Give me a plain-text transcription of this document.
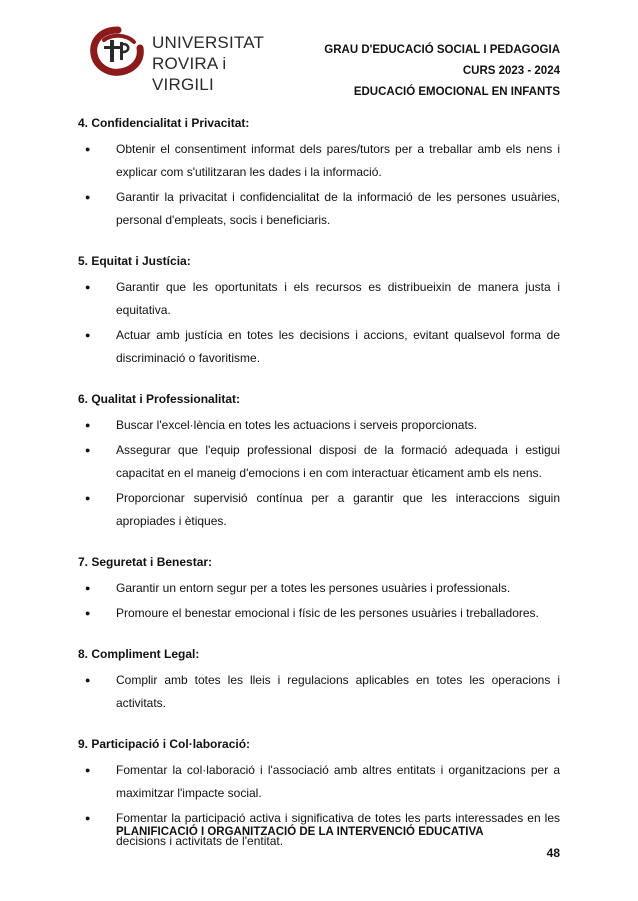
UNIVERSITAT
ROVIRA i VIRGILI
GRAU D'EDUCACIÓ SOCIAL I PEDAGOGIA
CURS 2023 - 2024
EDUCACIÓ EMOCIONAL EN INFANTS
4. Confidencialitat i Privacitat:
● Obtenir el consentiment informat dels pares/tutors per a treballar amb els nens i explicar com s'utilitzaran les dades i la informació.
● Garantir la privacitat i confidencialitat de la informació de les persones usuàries, personal d'empleats, socis i beneficiaris.
5. Equitat i Justícia:
● Garantir que les oportunitats i els recursos es distribueixin de manera justa i equitativa.
● Actuar amb justícia en totes les decisions i accions, evitant qualsevol forma de discriminació o favoritisme.
6. Qualitat i Professionalitat:
● Buscar l'excel·lència en totes les actuacions i serveis proporcionats.
● Assegurar que l'equip professional disposi de la formació adequada i estigui capacitat en el maneig d'emocions i en com interactuar èticament amb els nens.
● Proporcionar supervisió contínua per a garantir que les interaccions siguin apropiades i ètiques.
7. Seguretat i Benestar:
● Garantir un entorn segur per a totes les persones usuàries i professionals.
● Promoure el benestar emocional i físic de les persones usuàries i treballadores.
8. Compliment Legal:
● Complir amb totes les lleis i regulacions aplicables en totes les operacions i activitats.
9. Participació i Col·laboració:
● Fomentar la col·laboració i l'associació amb altres entitats i organitzacions per a maximitzar l'impacte social.
● Fomentar la participació activa i significativa de totes les parts interessades en les decisions i activitats de l'entitat.
PLANIFICACIÓ I ORGANITZACIÓ DE LA INTERVENCIÓ EDUCATIVA
48
